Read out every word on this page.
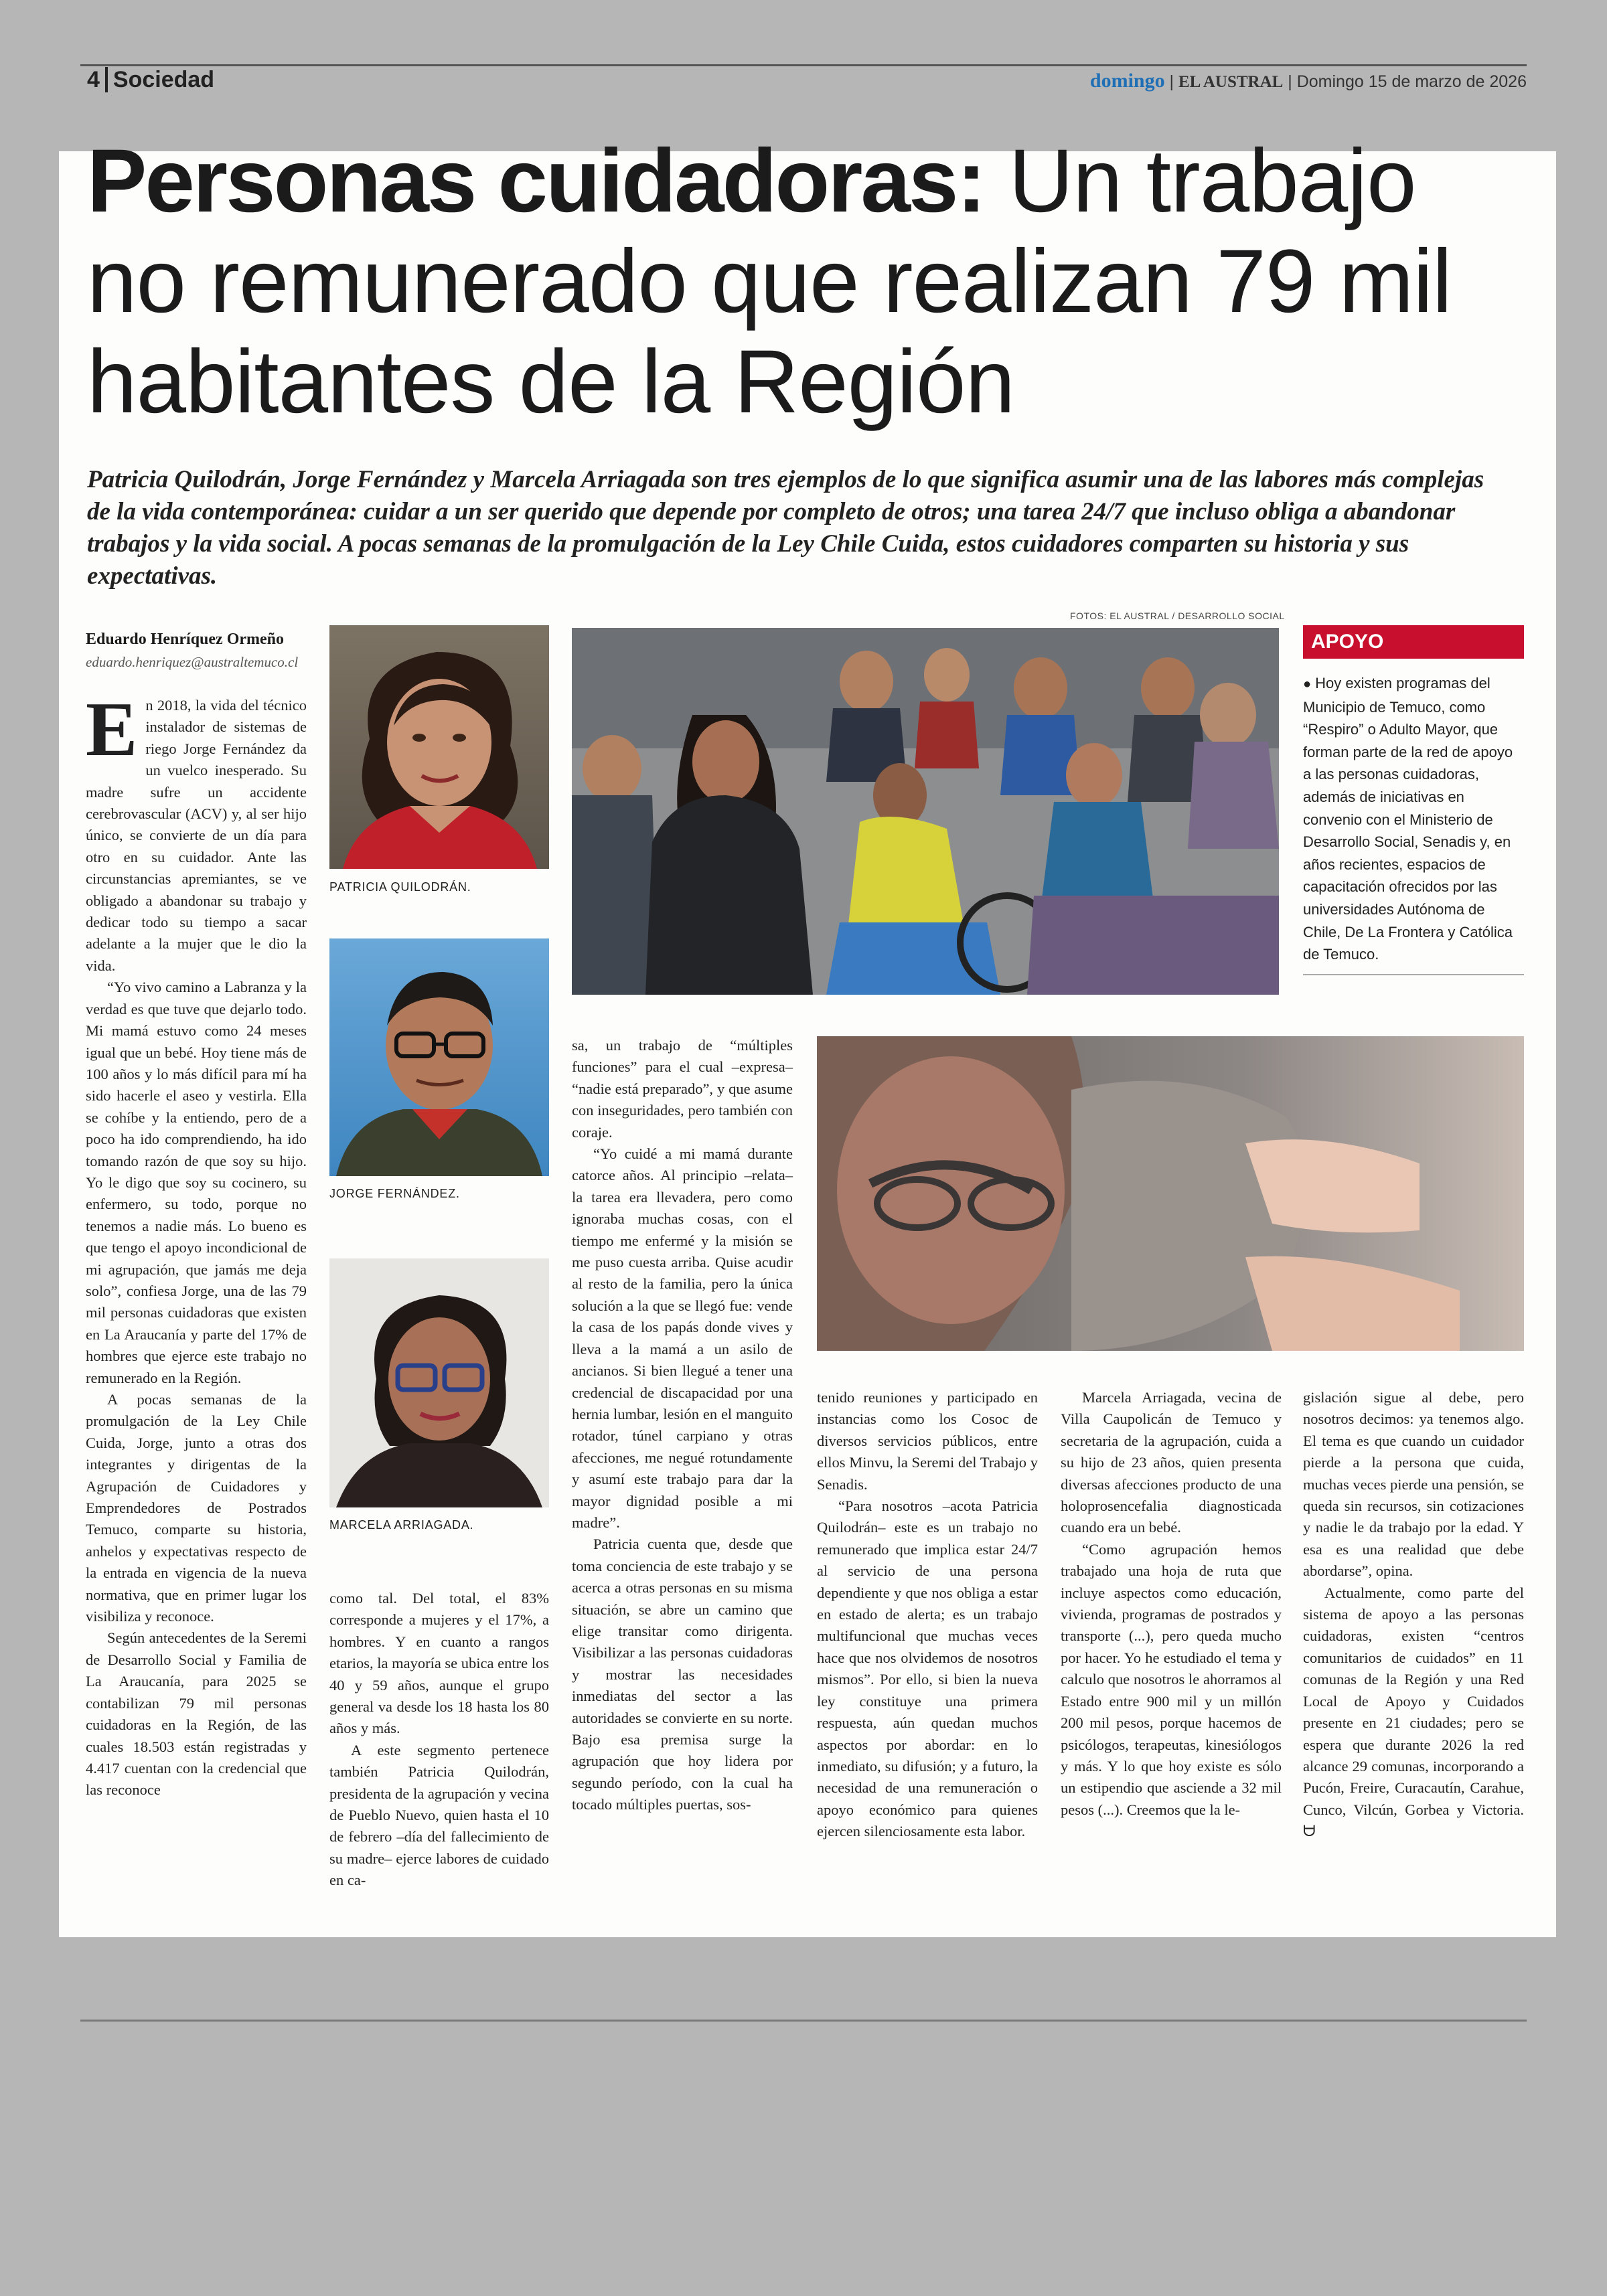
4 Sociedad	domingo | EL AUSTRAL | Domingo 15 de marzo de 2026
Personas cuidadoras: Un trabajo
no remunerado que realizan 79 mil
habitantes de la Región
Patricia Quilodrán, Jorge Fernández y Marcela Arriagada son tres ejemplos de lo que significa asumir una de las labores más complejas de la vida contemporánea: cuidar a un ser querido que depende por completo de otros; una tarea 24/7 que incluso obliga a abandonar trabajos y la vida social. A pocas semanas de la promulgación de la Ley Chile Cuida, estos cuidadores comparten su historia y sus expectativas.
FOTOS: EL AUSTRAL / DESARROLLO SOCIAL
Eduardo Henríquez Ormeño
eduardo.henriquez@australtemuco.cl

En 2018, la vida del técnico instalador de sistemas de riego Jorge Fernández da un vuelco inesperado. Su madre sufre un accidente cerebrovascular (ACV) y, al ser hijo único, se convierte de un día para otro en su cuidador. Ante las circunstancias apremiantes, se ve obligado a abandonar su trabajo y dedicar todo su tiempo a sacar adelante a la mujer que le dio la vida.

“Yo vivo camino a Labranza y la verdad es que tuve que dejarlo todo. Mi mamá estuvo como 24 meses igual que un bebé. Hoy tiene más de 100 años y lo más difícil para mí ha sido hacerle el aseo y vestirla. Ella se cohíbe y la entiendo, pero de a poco ha ido comprendiendo, ha ido tomando razón de que soy su hijo. Yo le digo que soy su cocinero, su enfermero, su todo, porque no tenemos a nadie más. Lo bueno es que tengo el apoyo incondicional de mi agrupación, que jamás me deja solo”, confiesa Jorge, una de las 79 mil personas cuidadoras que existen en La Araucanía y parte del 17% de hombres que ejerce este trabajo no remunerado en la Región.

A pocas semanas de la promulgación de la Ley Chile Cuida, Jorge, junto a otras dos integrantes y dirigentas de la Agrupación de Cuidadores y Emprendedores de Postrados Temuco, comparte su historia, anhelos y expectativas respecto de la entrada en vigencia de la nueva normativa, que en primer lugar los visibiliza y reconoce.

Según antecedentes de la Seremi de Desarrollo Social y Familia de La Araucanía, para 2025 se contabilizan 79 mil personas cuidadoras en la Región, de las cuales 18.503 están registradas y 4.417 cuentan con la credencial que las reconoce

PATRICIA QUILODRÁN.
JORGE FERNÁNDEZ.
MARCELA ARRIAGADA.

como tal. Del total, el 83% corresponde a mujeres y el 17%, a hombres. Y en cuanto a rangos etarios, la mayoría se ubica entre los 40 y 59 años, aunque el grupo general va desde los 18 hasta los 80 años y más.

A este segmento pertenece también Patricia Quilodrán, presidenta de la agrupación y vecina de Pueblo Nuevo, quien hasta el 10 de febrero –día del fallecimiento de su madre– ejerce labores de cuidado en ca-

APOYO
● Hoy existen programas del Municipio de Temuco, como “Respiro” o Adulto Mayor, que forman parte de la red de apoyo a las personas cuidadoras, además de iniciativas en convenio con el Ministerio de Desarrollo Social, Senadis y, en años recientes, espacios de capacitación ofrecidos por las universidades Autónoma de Chile, De La Frontera y Católica de Temuco.

sa, un trabajo de “múltiples funciones” para el cual –expresa– “nadie está preparado”, y que asume con inseguridades, pero también con coraje.

“Yo cuidé a mi mamá durante catorce años. Al principio –relata– la tarea era llevadera, pero como ignoraba muchas cosas, con el tiempo me enfermé y la misión se me puso cuesta arriba. Quise acudir al resto de la familia, pero la única solución a la que se llegó fue: vende la casa de los papás donde vives y lleva a la mamá a un asilo de ancianos. Si bien llegué a tener una credencial de discapacidad por una hernia lumbar, lesión en el manguito rotador, túnel carpiano y otras afecciones, me negué rotundamente y asumí este trabajo para dar la mayor dignidad posible a mi madre”.

Patricia cuenta que, desde que toma conciencia de este trabajo y se acerca a otras personas en su misma situación, se abre un camino que elige transitar como dirigenta. Visibilizar a las personas cuidadoras y mostrar las necesidades inmediatas del sector a las autoridades se convierte en su norte. Bajo esa premisa surge la agrupación que hoy lidera por segundo período, con la cual ha tocado múltiples puertas, sos-

tenido reuniones y participado en instancias como los Cosoc de diversos servicios públicos, entre ellos Minvu, la Seremi del Trabajo y Senadis.

“Para nosotros –acota Patricia Quilodrán– este es un trabajo no remunerado que implica estar 24/7 al servicio de una persona dependiente y que nos obliga a estar en estado de alerta; es un trabajo multifuncional que muchas veces hace que nos olvidemos de nosotros mismos”. Por ello, si bien la nueva ley constituye una primera respuesta, aún quedan muchos aspectos por abordar: en lo inmediato, su difusión; y a futuro, la necesidad de una remuneración o apoyo económico para quienes ejercen silenciosamente esta labor.

Marcela Arriagada, vecina de Villa Caupolicán de Temuco y secretaria de la agrupación, cuida a su hijo de 23 años, quien presenta diversas afecciones producto de una holoprosencefalia diagnosticada cuando era un bebé.

“Como agrupación hemos trabajado una hoja de ruta que incluye aspectos como educación, vivienda, programas de postrados y transporte (...), pero queda mucho por hacer. Yo he estudiado el tema y calculo que nosotros le ahorramos al Estado entre 900 mil y un millón 200 mil pesos, porque hacemos de psicólogos, terapeutas, kinesiólogos y más. Y lo que hoy existe es sólo un estipendio que asciende a 32 mil pesos (...). Creemos que la le-

gislación sigue al debe, pero nosotros decimos: ya tenemos algo. El tema es que cuando un cuidador pierde a la persona que cuida, muchas veces pierde una pensión, se queda sin recursos, sin cotizaciones y nadie le da trabajo por la edad. Y esa es una realidad que debe abordarse”, opina.

Actualmente, como parte del sistema de apoyo a las personas cuidadoras, existen “centros comunitarios de cuidados” en 11 comunas de la Región y una Red Local de Apoyo y Cuidados presente en 21 ciudades; pero se espera que durante 2026 la red alcance 29 comunas, incorporando a Pucón, Freire, Curacautín, Carahue, Cunco, Vilcún, Gorbea y Victoria. ᗨ
